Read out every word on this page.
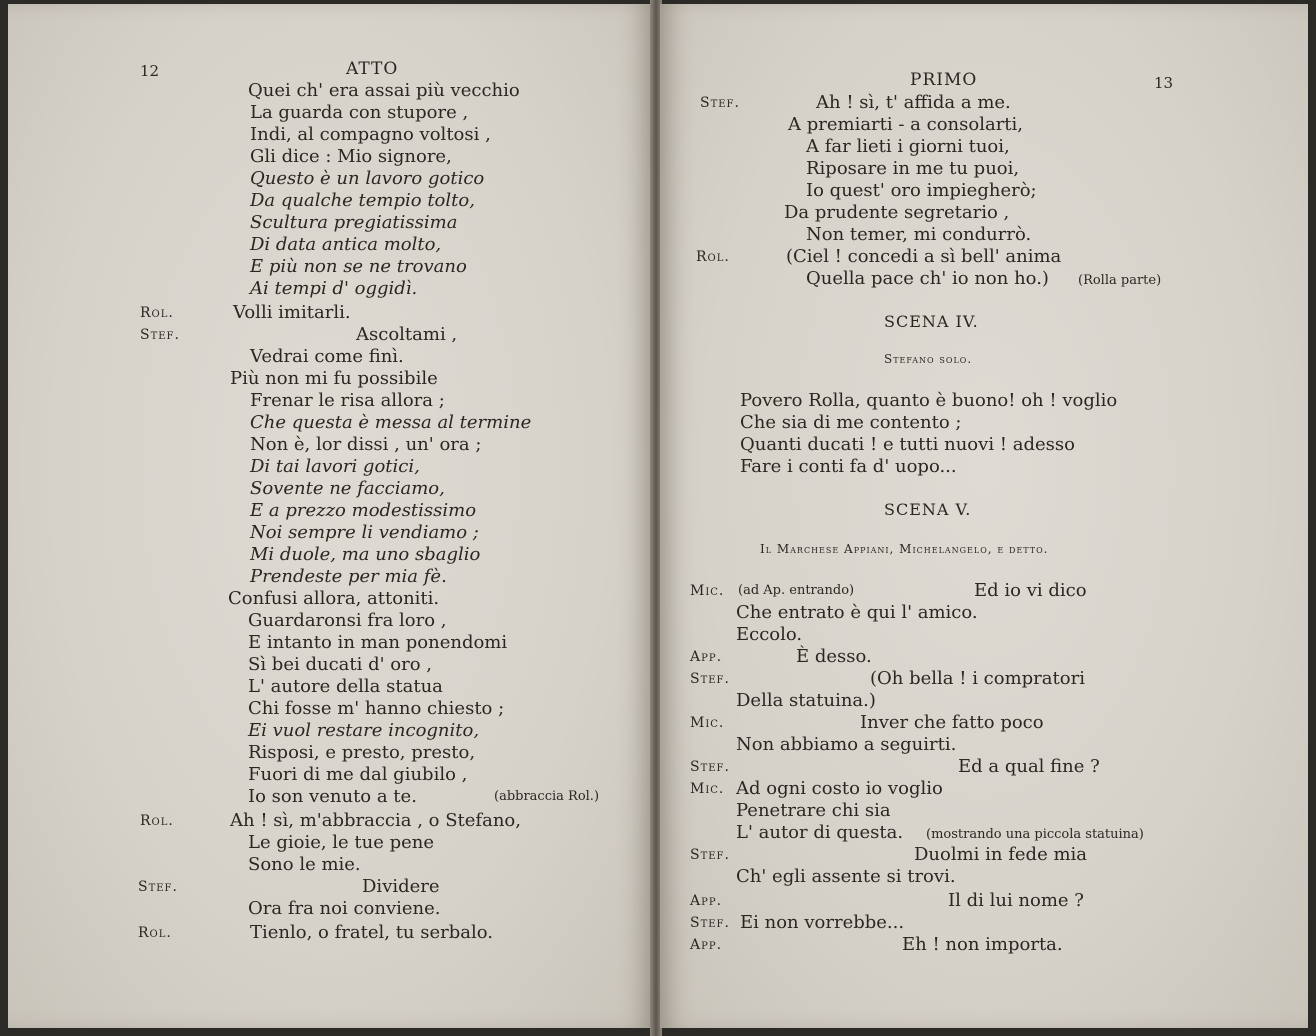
12	ATTO
Quei ch' era assai più vecchio
La guarda con stupore ,
Indi, al compagno voltosi ,
Gli dice : Mio signore,
Questo è un lavoro gotico
Da qualche tempio tolto,
Scultura pregiatissima
Di data antica molto,
E più non se ne trovano
Ai tempi d' oggidì.
Rol.	Volli imitarli.
Stef.	Ascoltami ,
Vedrai come finì.
Più non mi fu possibile
Frenar le risa allora ;
Che questa è messa al termine
Non è, lor dissi , un' ora ;
Di tai lavori gotici,
Sovente ne facciamo,
E a prezzo modestissimo
Noi sempre li vendiamo ;
Mi duole, ma uno sbaglio
Prendeste per mia fè.
Confusi allora, attoniti.
Guardaronsi fra loro ,
E intanto in man ponendomi
Sì bei ducati d' oro ,
L' autore della statua
Chi fosse m' hanno chiesto ;
Ei vuol restare incognito,
Risposi, e presto, presto,
Fuori di me dal giubilo ,
Io son venuto a te.	(abbraccia Rol.)
Rol.	Ah ! sì, m'abbraccia , o Stefano,
Le gioie, le tue pene
Sono le mie.
Stef.	Dividere
Ora fra noi conviene.
Rol.	Tienlo, o fratel, tu serbalo.
PRIMO	13
Stef.	Ah ! sì, t' affida a me.
A premiarti - a consolarti,
A far lieti i giorni tuoi,
Riposare in me tu puoi,
Io quest' oro impiegherò;
Da prudente segretario ,
Non temer, mi condurrò.
Rol.	(Ciel ! concedi a sì bell' anima
Quella pace ch' io non ho.) (Rolla parte)
SCENA IV.
Stefano solo.
Povero Rolla, quanto è buono! oh ! voglio
Che sia di me contento ;
Quanti ducati ! e tutti nuovi ! adesso
Fare i conti fa d' uopo...
SCENA V.
Il Marchese Appiani, Michelangelo, e detto.
Mic. (ad Ap. entrando)	Ed io vi dico
Che entrato è qui l' amico.
Eccolo.
App.	È desso.
Stef.	(Oh bella ! i compratori
Della statuina.)
Mic.	Inver che fatto poco
Non abbiamo a seguirti.
Stef.	Ed a qual fine ?
Mic. Ad ogni costo io voglio
Penetrare chi sia
L' autor di questa. (mostrando una piccola statuina)
Stef.	Duolmi in fede mia
Ch' egli assente si trovi.
App.	Il di lui nome ?
Stef. Ei non vorrebbe...
App.	Eh ! non importa.
